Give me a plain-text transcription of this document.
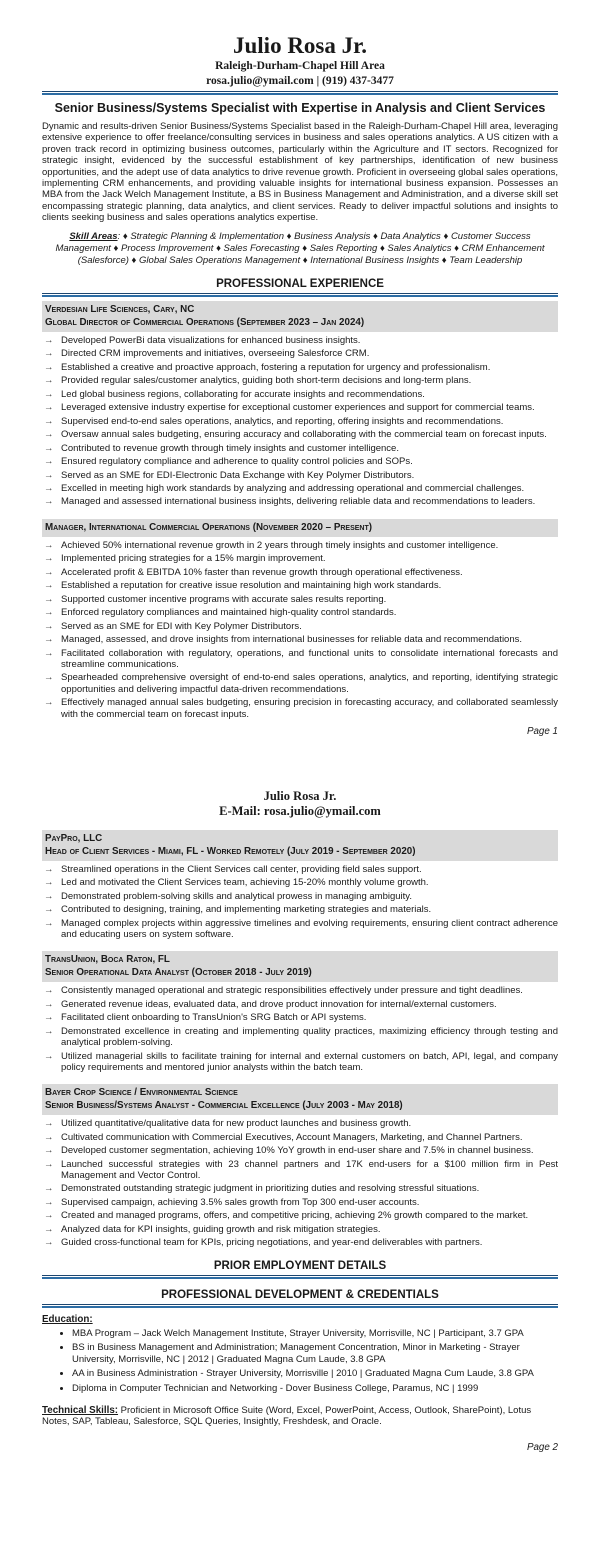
Julio Rosa Jr.
Raleigh-Durham-Chapel Hill Area
rosa.julio@ymail.com | (919) 437-3477
Senior Business/Systems Specialist with Expertise in Analysis and Client Services

Dynamic and results-driven Senior Business/Systems Specialist based in the Raleigh-Durham-Chapel Hill area, leveraging extensive experience to offer freelance/consulting services in business and sales operations analytics. A US citizen with a proven track record in optimizing business outcomes, particularly within the Agriculture and IT sectors. Recognized for strategic insight, evidenced by the successful establishment of key partnerships, identification of new business opportunities, and the adept use of data analytics to drive revenue growth. Proficient in overseeing global sales operations, implementing CRM enhancements, and providing valuable insights for international business expansion. Possesses an MBA from the Jack Welch Management Institute, a BS in Business Management and Administration, and a diverse skill set encompassing strategic planning, data analytics, and client services. Ready to deliver impactful solutions and insights to clients seeking business and sales operations analytics expertise.

Skill Areas: ♦ Strategic Planning & Implementation ♦ Business Analysis ♦ Data Analytics ♦ Customer Success Management ♦ Process Improvement ♦ Sales Forecasting ♦ Sales Reporting ♦ Sales Analytics ♦ CRM Enhancement (Salesforce) ♦ Global Sales Operations Management ♦ International Business Insights ♦ Team Leadership
PROFESSIONAL EXPERIENCE
Verdesian Life Sciences, Cary, NC
Global Director of Commercial Operations (September 2023 – Jan 2024)
→
Developed PowerBi data visualizations for enhanced business insights.
→
Directed CRM improvements and initiatives, overseeing Salesforce CRM.
→
Established a creative and proactive approach, fostering a reputation for urgency and professionalism.
→
Provided regular sales/customer analytics, guiding both short-term decisions and long-term plans.
→
Led global business regions, collaborating for accurate insights and recommendations.
→
Leveraged extensive industry expertise for exceptional customer experiences and support for commercial teams.
→
Supervised end-to-end sales operations, analytics, and reporting, offering insights and recommendations.
→
Oversaw annual sales budgeting, ensuring accuracy and collaborating with the commercial team on forecast inputs.
→
Contributed to revenue growth through timely insights and customer intelligence.
→
Ensured regulatory compliance and adherence to quality control policies and SOPs.
→
Served as an SME for EDI-Electronic Data Exchange with Key Polymer Distributors.
→
Excelled in meeting high work standards by analyzing and addressing operational and commercial challenges.
→
Managed and assessed international business insights, delivering reliable data and recommendations to leaders.
Manager, International Commercial Operations (November 2020 – Present)
→
Achieved 50% international revenue growth in 2 years through timely insights and customer intelligence.
→
Implemented pricing strategies for a 15% margin improvement.
→
Accelerated profit & EBITDA 10% faster than revenue growth through operational effectiveness.
→
Established a reputation for creative issue resolution and maintaining high work standards.
→
Supported customer incentive programs with accurate sales results reporting.
→
Enforced regulatory compliances and maintained high-quality control standards.
→
Served as an SME for EDI with Key Polymer Distributors.
→
Managed, assessed, and drove insights from international businesses for reliable data and recommendations.
→
Facilitated collaboration with regulatory, operations, and functional units to consolidate international forecasts and streamline communications.
→
Spearheaded comprehensive oversight of end-to-end sales operations, analytics, and reporting, identifying strategic opportunities and delivering impactful data-driven recommendations.
→
Effectively managed annual sales budgeting, ensuring precision in forecasting accuracy, and collaborated seamlessly with the commercial team on forecast inputs.
Page 1
Julio Rosa Jr.
E-Mail: rosa.julio@ymail.com
PayPro, LLC
Head of Client Services - Miami, FL - Worked Remotely (July 2019 - September 2020)
→
Streamlined operations in the Client Services call center, providing field sales support.
→
Led and motivated the Client Services team, achieving 15-20% monthly volume growth.
→
Demonstrated problem-solving skills and analytical prowess in managing ambiguity.
→
Contributed to designing, training, and implementing marketing strategies and materials.
→
Managed complex projects within aggressive timelines and evolving requirements, ensuring client contract adherence and educating users on system software.
TransUnion, Boca Raton, FL
Senior Operational Data Analyst (October 2018 - July 2019)
→
Consistently managed operational and strategic responsibilities effectively under pressure and tight deadlines.
→
Generated revenue ideas, evaluated data, and drove product innovation for internal/external customers.
→
Facilitated client onboarding to TransUnion's SRG Batch or API systems.
→
Demonstrated excellence in creating and implementing quality practices, maximizing efficiency through testing and analytical problem-solving.
→
Utilized managerial skills to facilitate training for internal and external customers on batch, API, legal, and company policy requirements and mentored junior analysts within the batch team.
Bayer Crop Science / Environmental Science
Senior Business/Systems Analyst - Commercial Excellence (July 2003 - May 2018)
→
Utilized quantitative/qualitative data for new product launches and business growth.
→
Cultivated communication with Commercial Executives, Account Managers, Marketing, and Channel Partners.
→
Developed customer segmentation, achieving 10% YoY growth in end-user share and 7.5% in channel business.
→
Launched successful strategies with 23 channel partners and 17K end-users for a $100 million firm in Pest Management and Vector Control.
→
Demonstrated outstanding strategic judgment in prioritizing duties and resolving stressful situations.
→
Supervised campaign, achieving 3.5% sales growth from Top 300 end-user accounts.
→
Created and managed programs, offers, and competitive pricing, achieving 2% growth compared to the market.
→
Analyzed data for KPI insights, guiding growth and risk mitigation strategies.
→
Guided cross-functional team for KPIs, pricing negotiations, and year-end deliverables with partners.
PRIOR EMPLOYMENT DETAILS
PROFESSIONAL DEVELOPMENT & CREDENTIALS
Education:
• MBA Program – Jack Welch Management Institute, Strayer University, Morrisville, NC | Participant, 3.7 GPA
• BS in Business Management and Administration; Management Concentration, Minor in Marketing - Strayer University, Morrisville, NC | 2012 | Graduated Magna Cum Laude, 3.8 GPA
• AA in Business Administration - Strayer University, Morrisville | 2010 | Graduated Magna Cum Laude, 3.8 GPA
• Diploma in Computer Technician and Networking - Dover Business College, Paramus, NC | 1999
Technical Skills: Proficient in Microsoft Office Suite (Word, Excel, PowerPoint, Access, Outlook, SharePoint), Lotus Notes, SAP, Tableau, Salesforce, SQL Queries, Insightly, Freshdesk, and Oracle.
Page 2
